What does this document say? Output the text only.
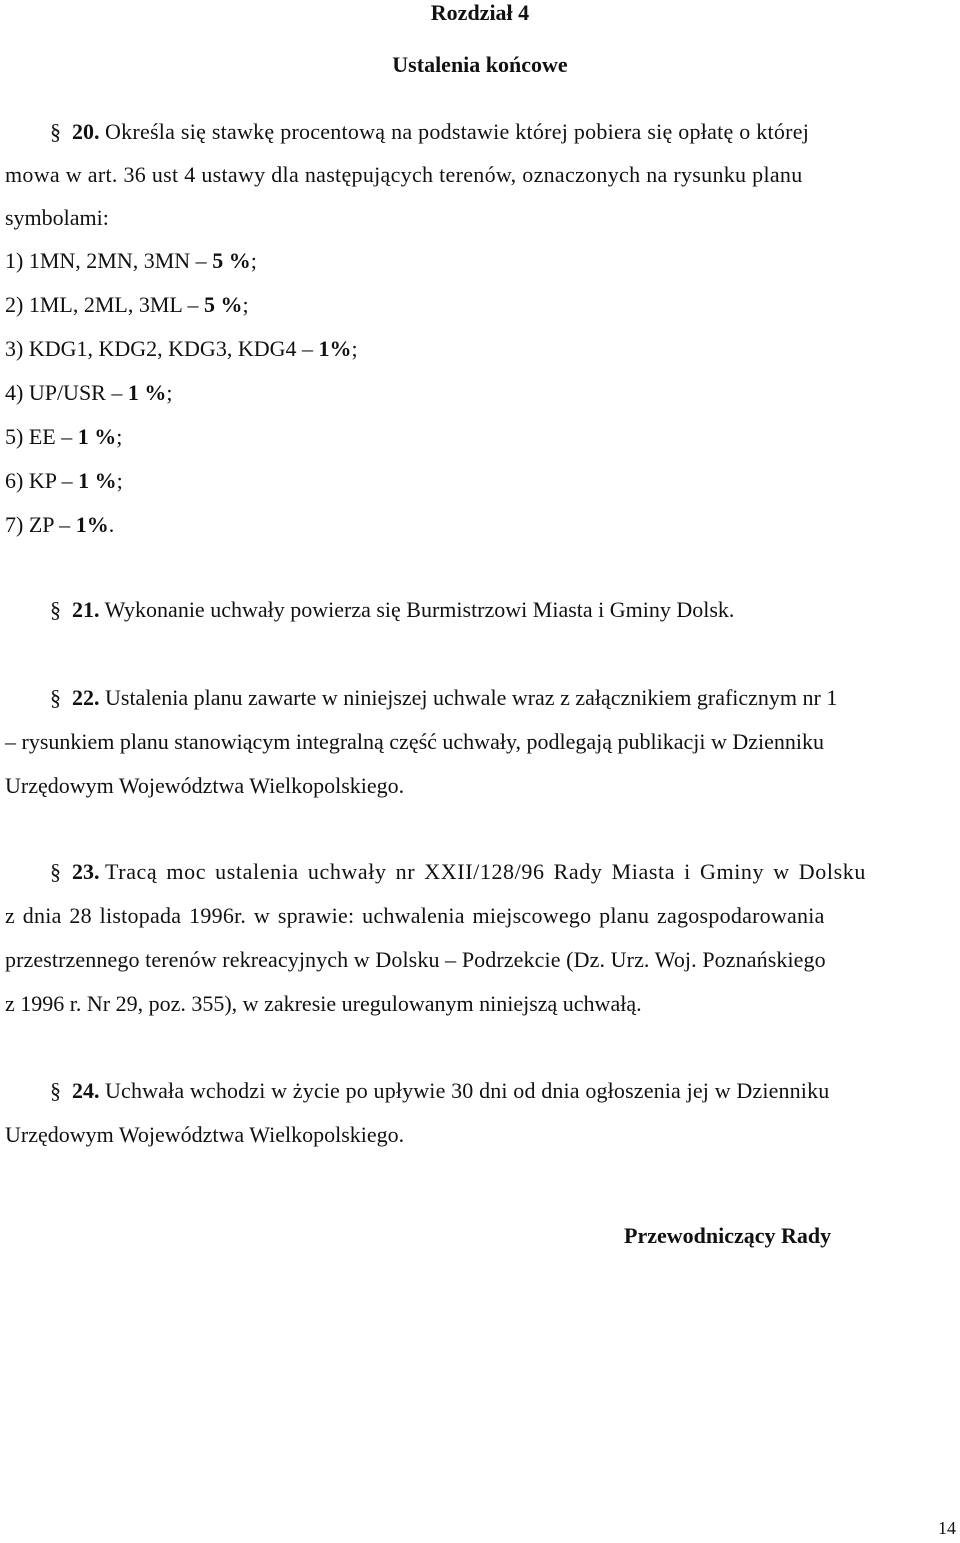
Rozdział 4
Ustalenia końcowe
§ 20. Określa się stawkę procentową na podstawie której pobiera się opłatę o której
mowa w art. 36 ust 4 ustawy dla następujących terenów, oznaczonych na rysunku planu
symbolami:
1) 1MN, 2MN, 3MN – 5 %;
2) 1ML, 2ML, 3ML – 5 %;
3) KDG1, KDG2, KDG3, KDG4 – 1%;
4) UP/USR – 1 %;
5) EE – 1 %;
6) KP – 1 %;
7) ZP – 1%.
§ 21. Wykonanie uchwały powierza się Burmistrzowi Miasta i Gminy Dolsk.
§ 22. Ustalenia planu zawarte w niniejszej uchwale wraz z załącznikiem graficznym nr 1
– rysunkiem planu stanowiącym integralną część uchwały, podlegają publikacji w Dzienniku
Urzędowym Województwa Wielkopolskiego.
§ 23. Tracą moc ustalenia uchwały nr XXII/128/96 Rady Miasta i Gminy w Dolsku
z dnia 28 listopada 1996r. w sprawie: uchwalenia miejscowego planu zagospodarowania
przestrzennego terenów rekreacyjnych w Dolsku – Podrzekcie (Dz. Urz. Woj. Poznańskiego
z 1996 r. Nr 29, poz. 355), w zakresie uregulowanym niniejszą uchwałą.
§ 24. Uchwała wchodzi w życie po upływie 30 dni od dnia ogłoszenia jej w Dzienniku
Urzędowym Województwa Wielkopolskiego.
Przewodniczący Rady
14
